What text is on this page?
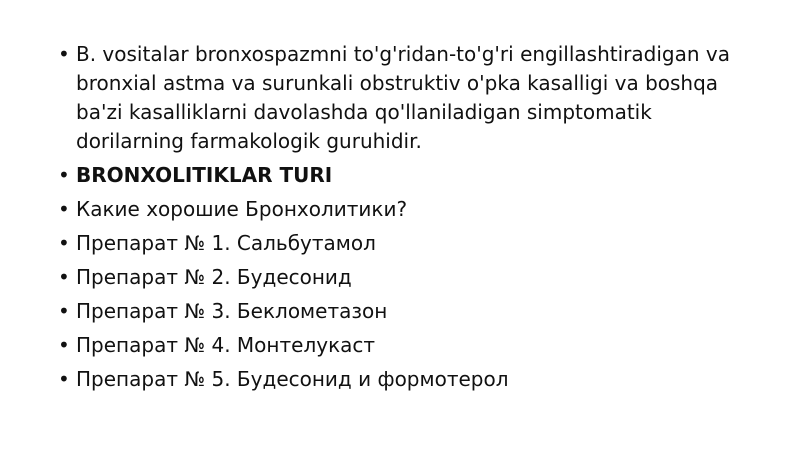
• B. vositalar bronxospazmni to'g'ridan-to'g'ri engillashtiradigan va bronxial astma va surunkali obstruktiv o'pka kasalligi va boshqa ba'zi kasalliklarni davolashda qo'llaniladigan simptomatik dorilarning farmakologik guruhidir.
• BRONXOLITIKLAR TURI
• Какие хорошие Бронхолитики?
• Препарат № 1. Сальбутамол
• Препарат № 2. Будесонид
• Препарат № 3. Беклометазон
• Препарат № 4. Монтелукаст
• Препарат № 5. Будесонид и формотерол
